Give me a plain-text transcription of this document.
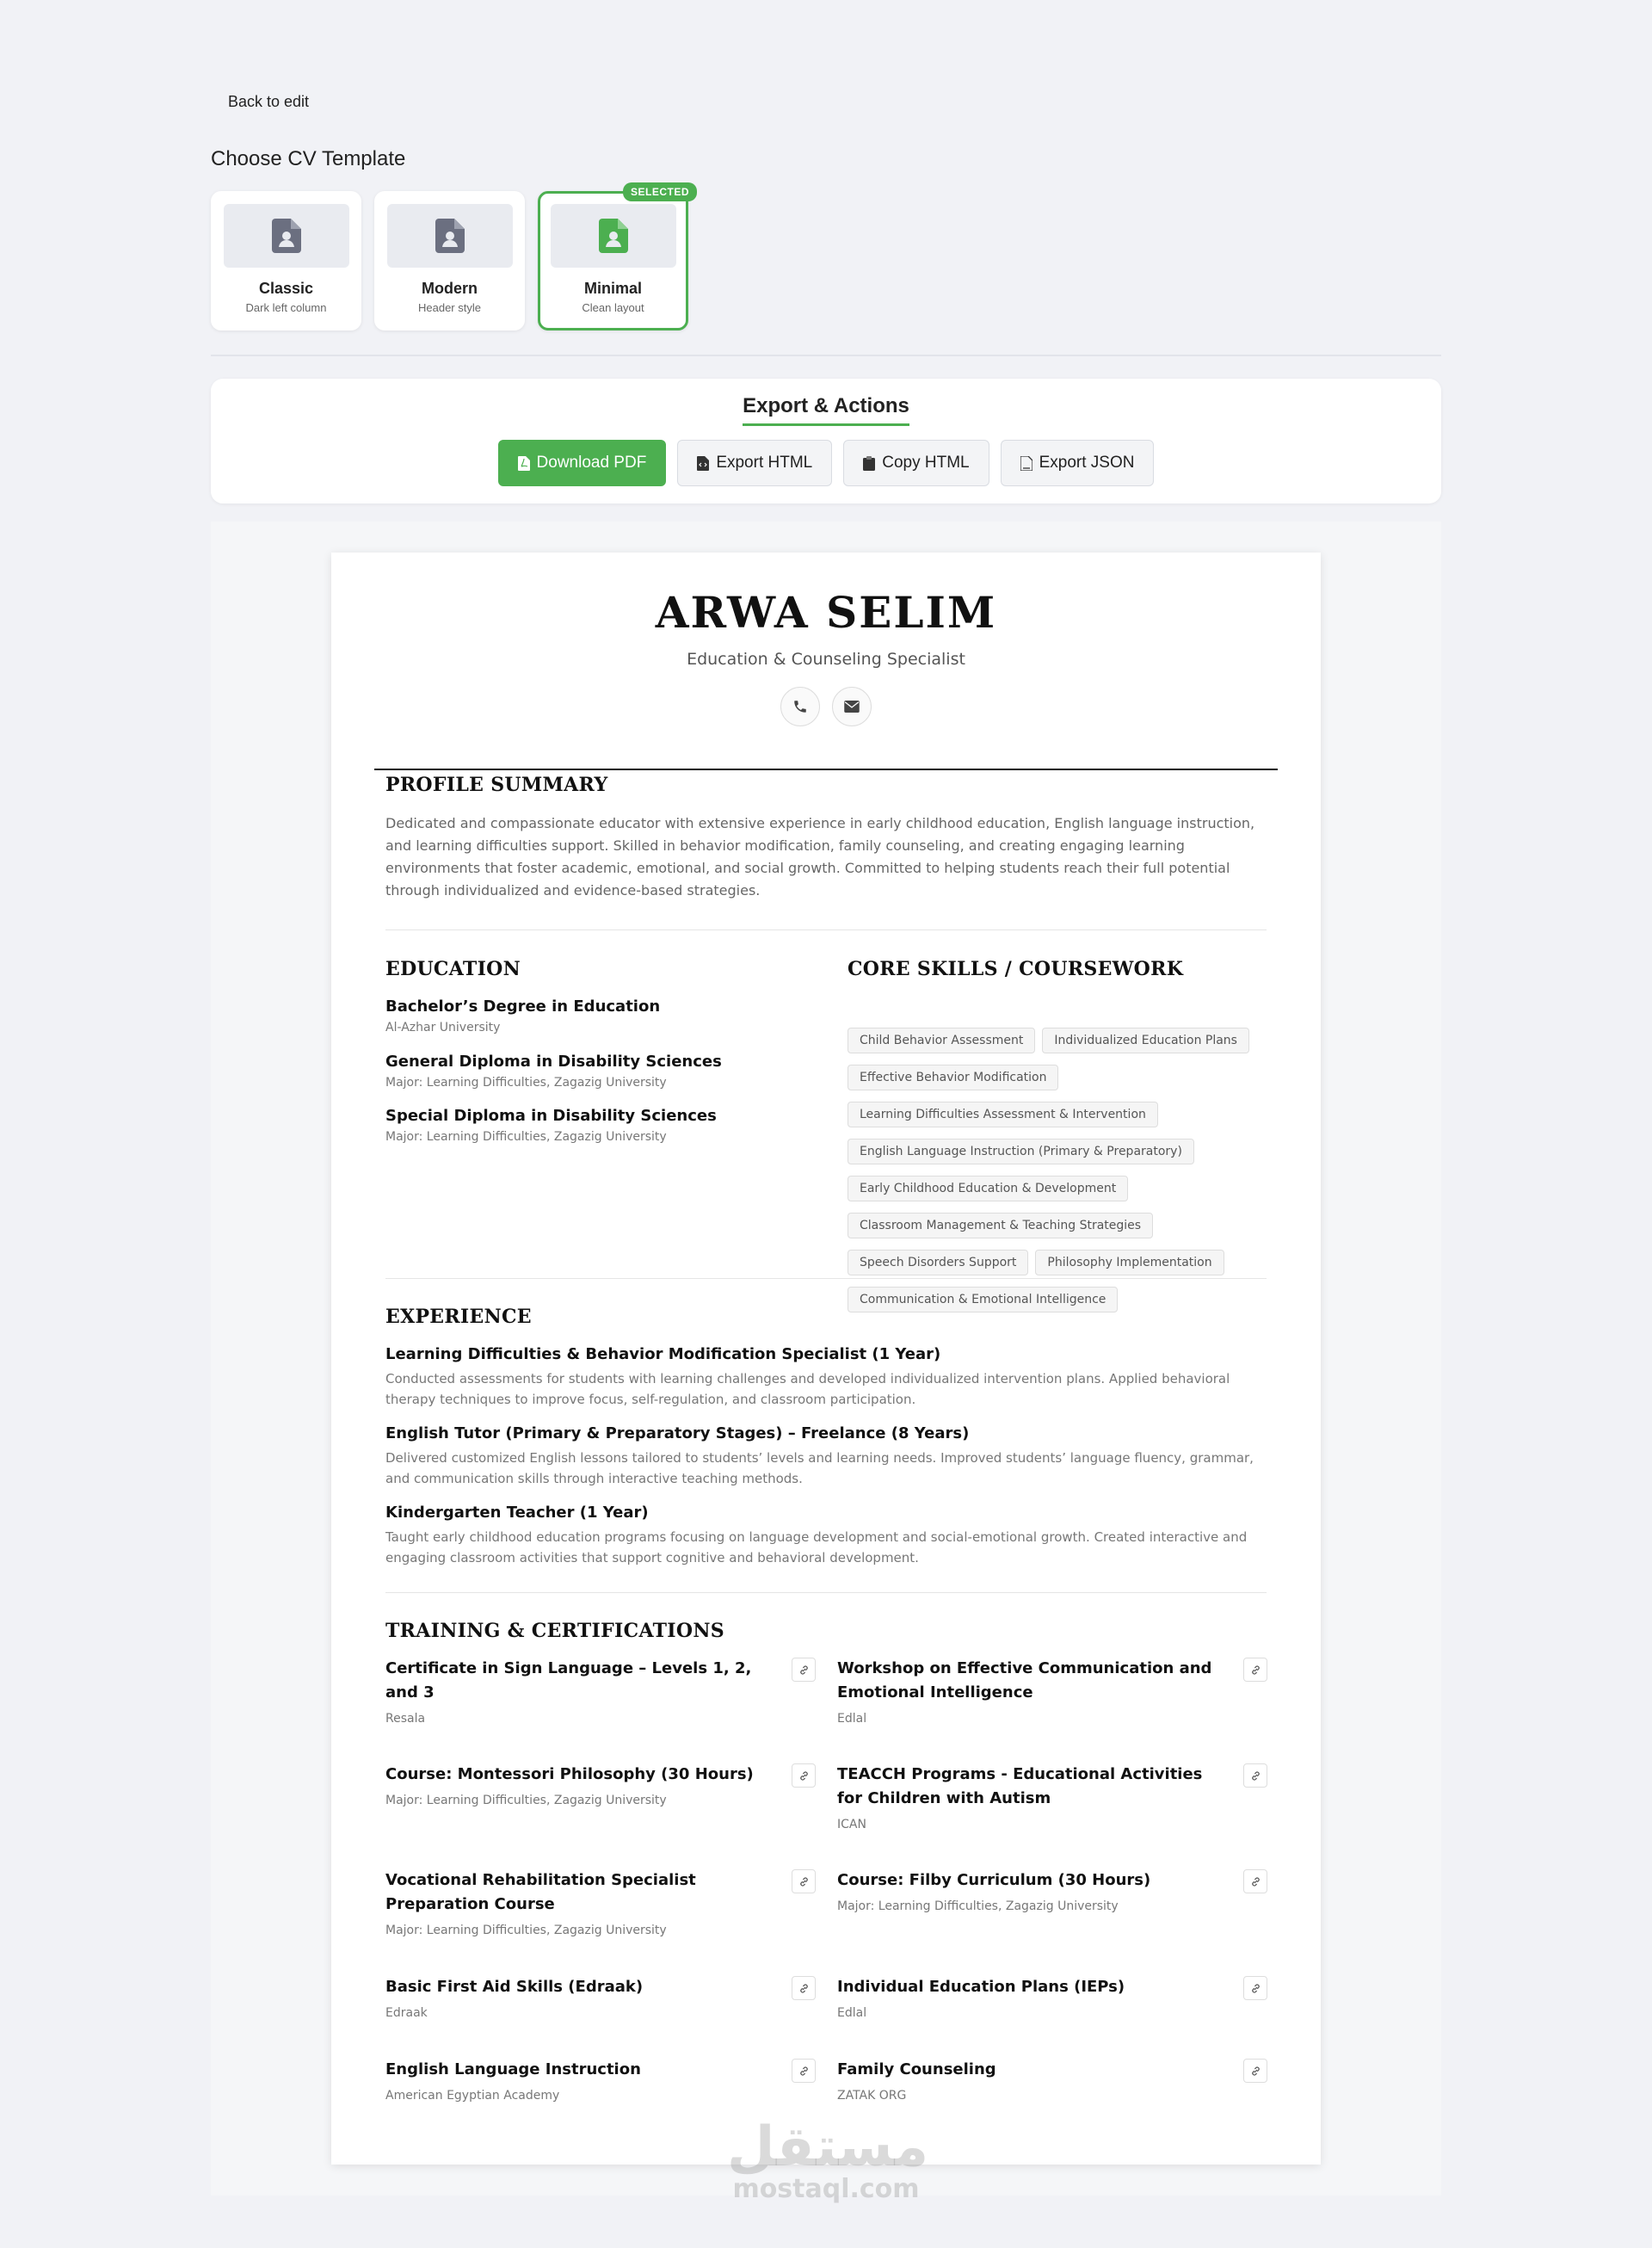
Back to edit
Choose CV Template
Classic
Dark left column
Modern
Header style
SELECTED
Minimal
Clean layout
Export & Actions
Download PDF	Export HTML	Copy HTML	Export JSON
ARWA SELIM
Education & Counseling Specialist
PROFILE SUMMARY
Dedicated and compassionate educator with extensive experience in early childhood education, English language instruction, and learning difficulties support. Skilled in behavior modification, family counseling, and creating engaging learning environments that foster academic, emotional, and social growth. Committed to helping students reach their full potential through individualized and evidence-based strategies.
EDUCATION
Bachelor’s Degree in Education
Al-Azhar University
General Diploma in Disability Sciences
Major: Learning Difficulties, Zagazig University
Special Diploma in Disability Sciences
Major: Learning Difficulties, Zagazig University
CORE SKILLS / COURSEWORK
Child Behavior Assessment	Individualized Education Plans
Effective Behavior Modification
Learning Difficulties Assessment & Intervention
English Language Instruction (Primary & Preparatory)
Early Childhood Education & Development
Classroom Management & Teaching Strategies
Speech Disorders Support	Philosophy Implementation
Communication & Emotional Intelligence
EXPERIENCE
Learning Difficulties & Behavior Modification Specialist (1 Year)
Conducted assessments for students with learning challenges and developed individualized intervention plans. Applied behavioral therapy techniques to improve focus, self-regulation, and classroom participation.
English Tutor (Primary & Preparatory Stages) – Freelance (8 Years)
Delivered customized English lessons tailored to students’ levels and learning needs. Improved students’ language fluency, grammar, and communication skills through interactive teaching methods.
Kindergarten Teacher (1 Year)
Taught early childhood education programs focusing on language development and social-emotional growth. Created interactive and engaging classroom activities that support cognitive and behavioral development.
TRAINING & CERTIFICATIONS
Certificate in Sign Language – Levels 1, 2, and 3
Resala
Workshop on Effective Communication and Emotional Intelligence
Edlal
Course: Montessori Philosophy (30 Hours)
Major: Learning Difficulties, Zagazig University
TEACCH Programs - Educational Activities for Children with Autism
ICAN
Vocational Rehabilitation Specialist Preparation Course
Major: Learning Difficulties, Zagazig University
Course: Filby Curriculum (30 Hours)
Major: Learning Difficulties, Zagazig University
Basic First Aid Skills (Edraak)
Edraak
Individual Education Plans (IEPs)
Edlal
English Language Instruction
American Egyptian Academy
Family Counseling
ZATAK ORG
مستقل
mostaql.com
